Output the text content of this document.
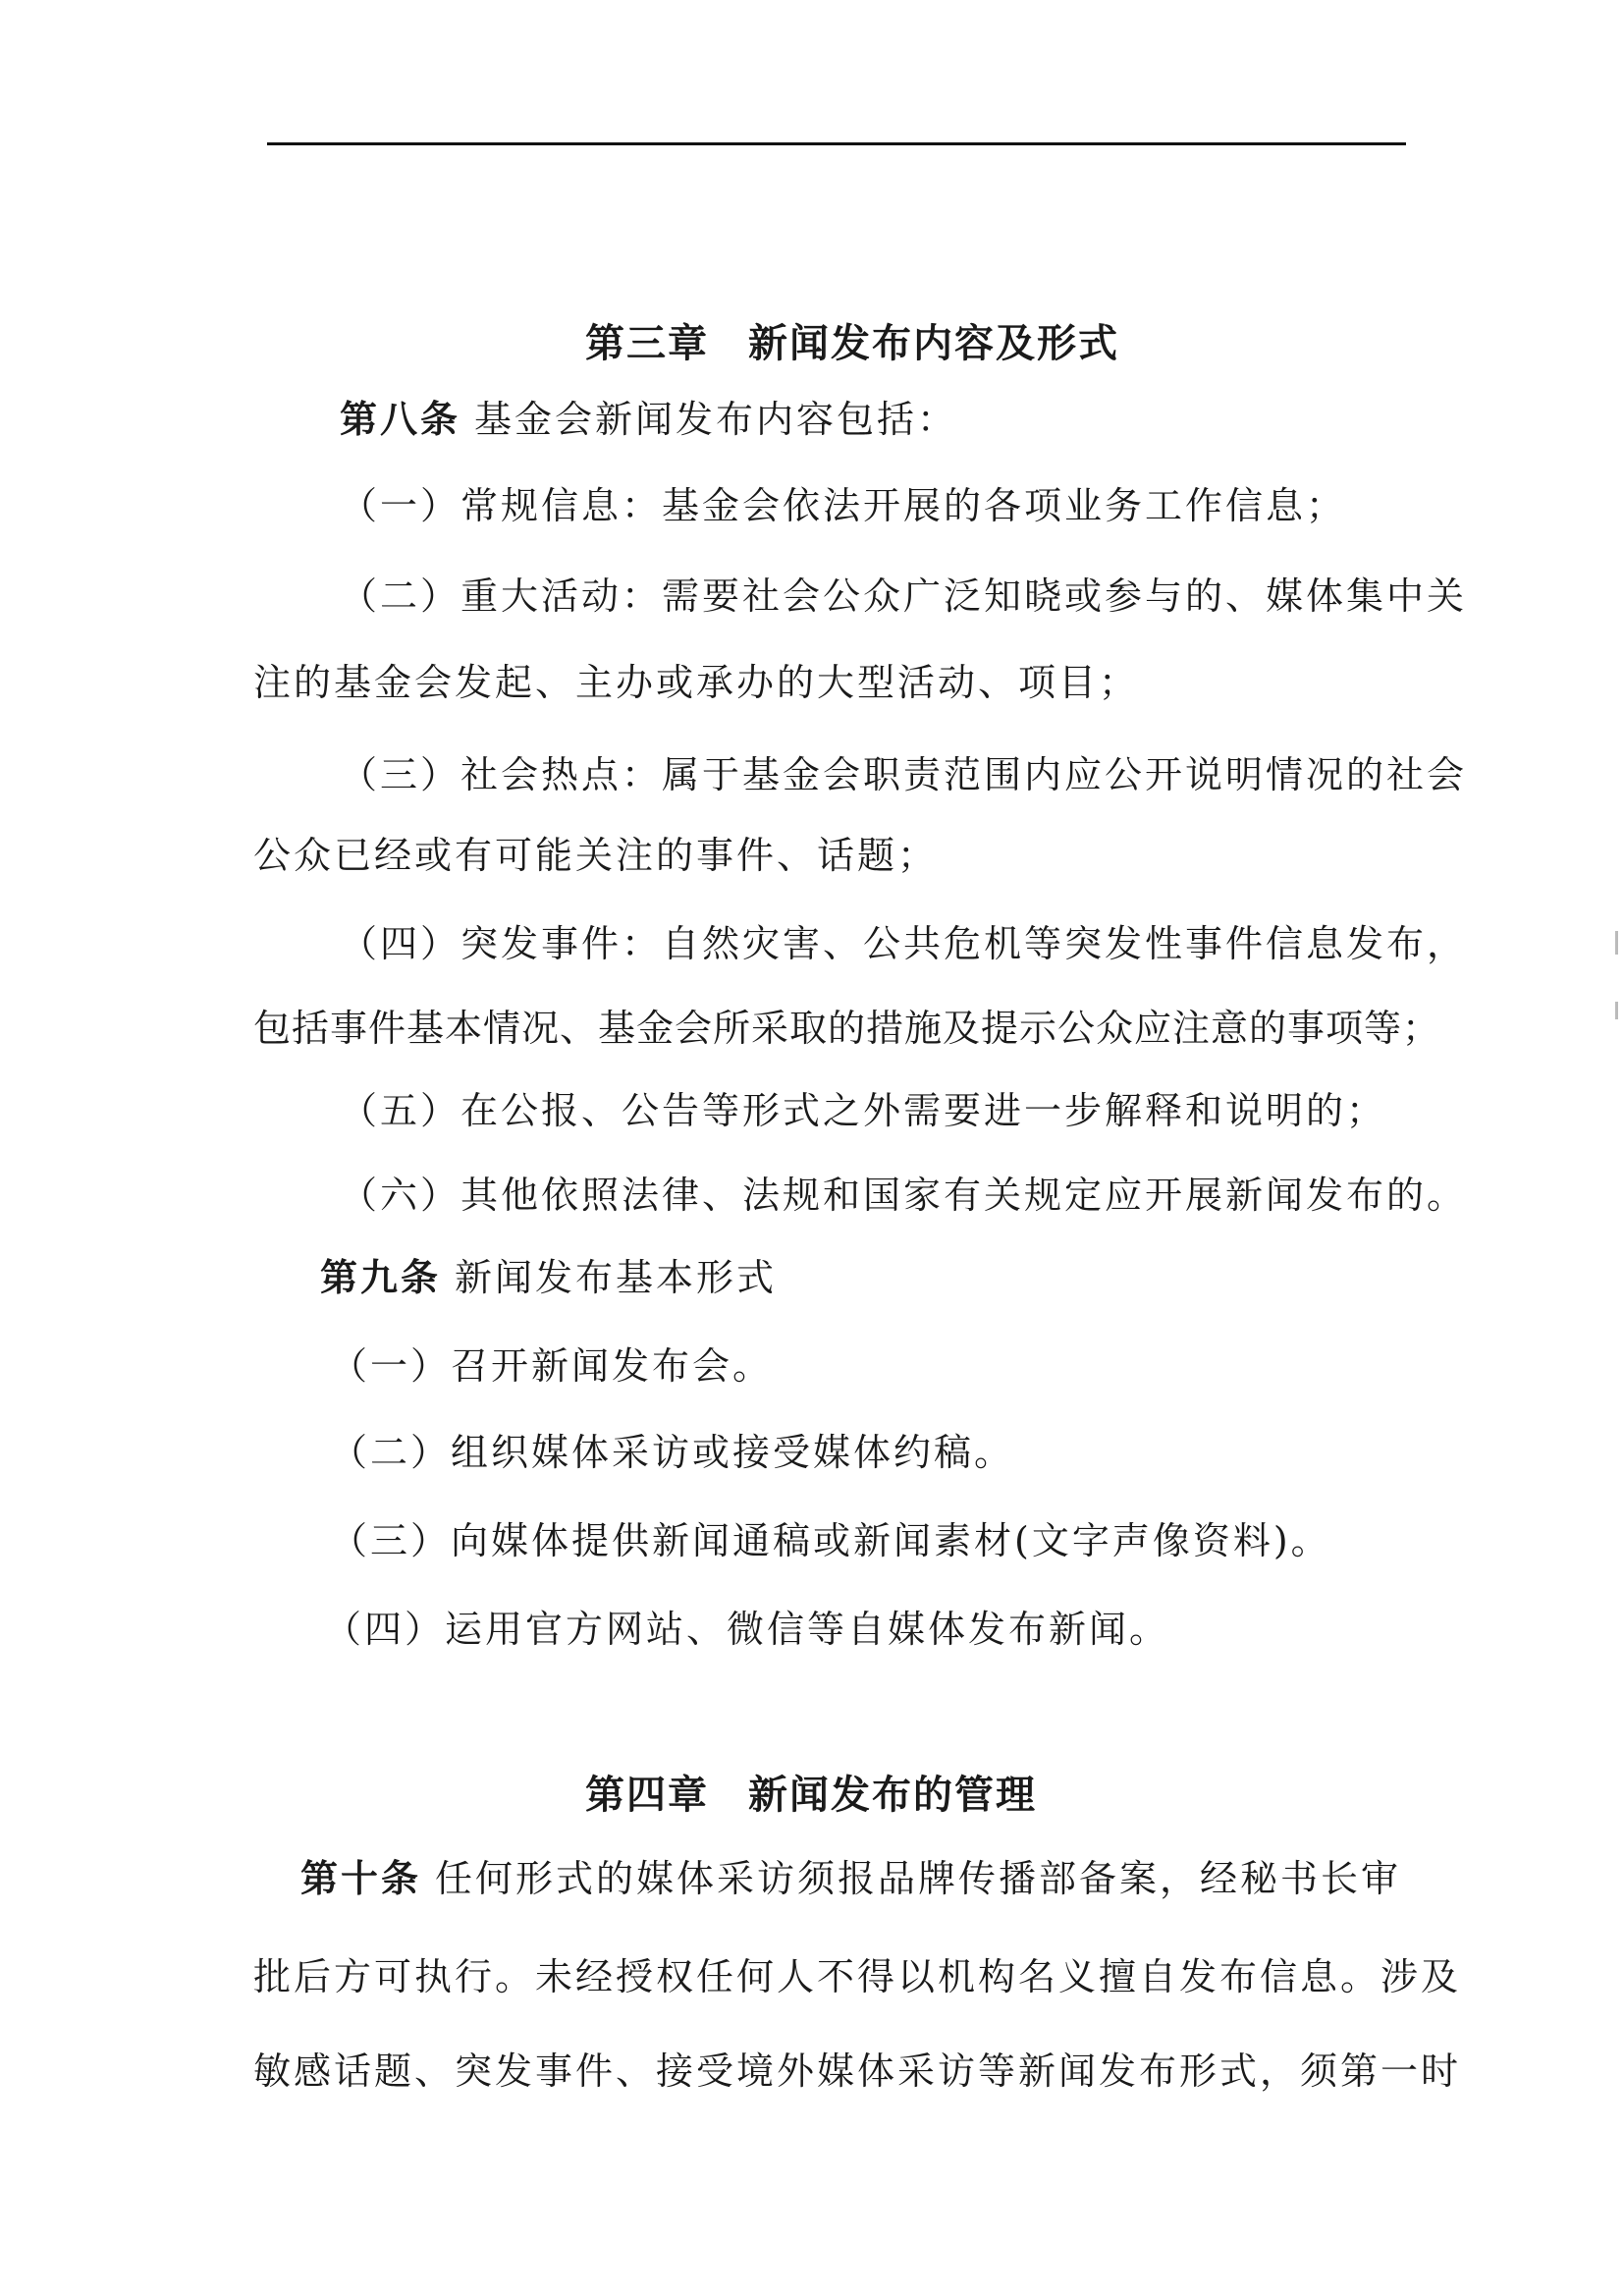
第三章 新闻发布内容及形式
第八条 基金会新闻发布内容包括：
（一）常规信息：基金会依法开展的各项业务工作信息；
（二）重大活动：需要社会公众广泛知晓或参与的、媒体集中关
注的基金会发起、主办或承办的大型活动、项目；
（三）社会热点：属于基金会职责范围内应公开说明情况的社会
公众已经或有可能关注的事件、话题；
（四）突发事件：自然灾害、公共危机等突发性事件信息发布，
包括事件基本情况、基金会所采取的措施及提示公众应注意的事项等；
（五）在公报、公告等形式之外需要进一步解释和说明的；
（六）其他依照法律、法规和国家有关规定应开展新闻发布的。
第九条 新闻发布基本形式
（一）召开新闻发布会。
（二）组织媒体采访或接受媒体约稿。
（三）向媒体提供新闻通稿或新闻素材(文字声像资料)。
（四）运用官方网站、微信等自媒体发布新闻。
第四章 新闻发布的管理
第十条 任何形式的媒体采访须报品牌传播部备案，经秘书长审
批后方可执行。未经授权任何人不得以机构名义擅自发布信息。涉及
敏感话题、突发事件、接受境外媒体采访等新闻发布形式，须第一时
